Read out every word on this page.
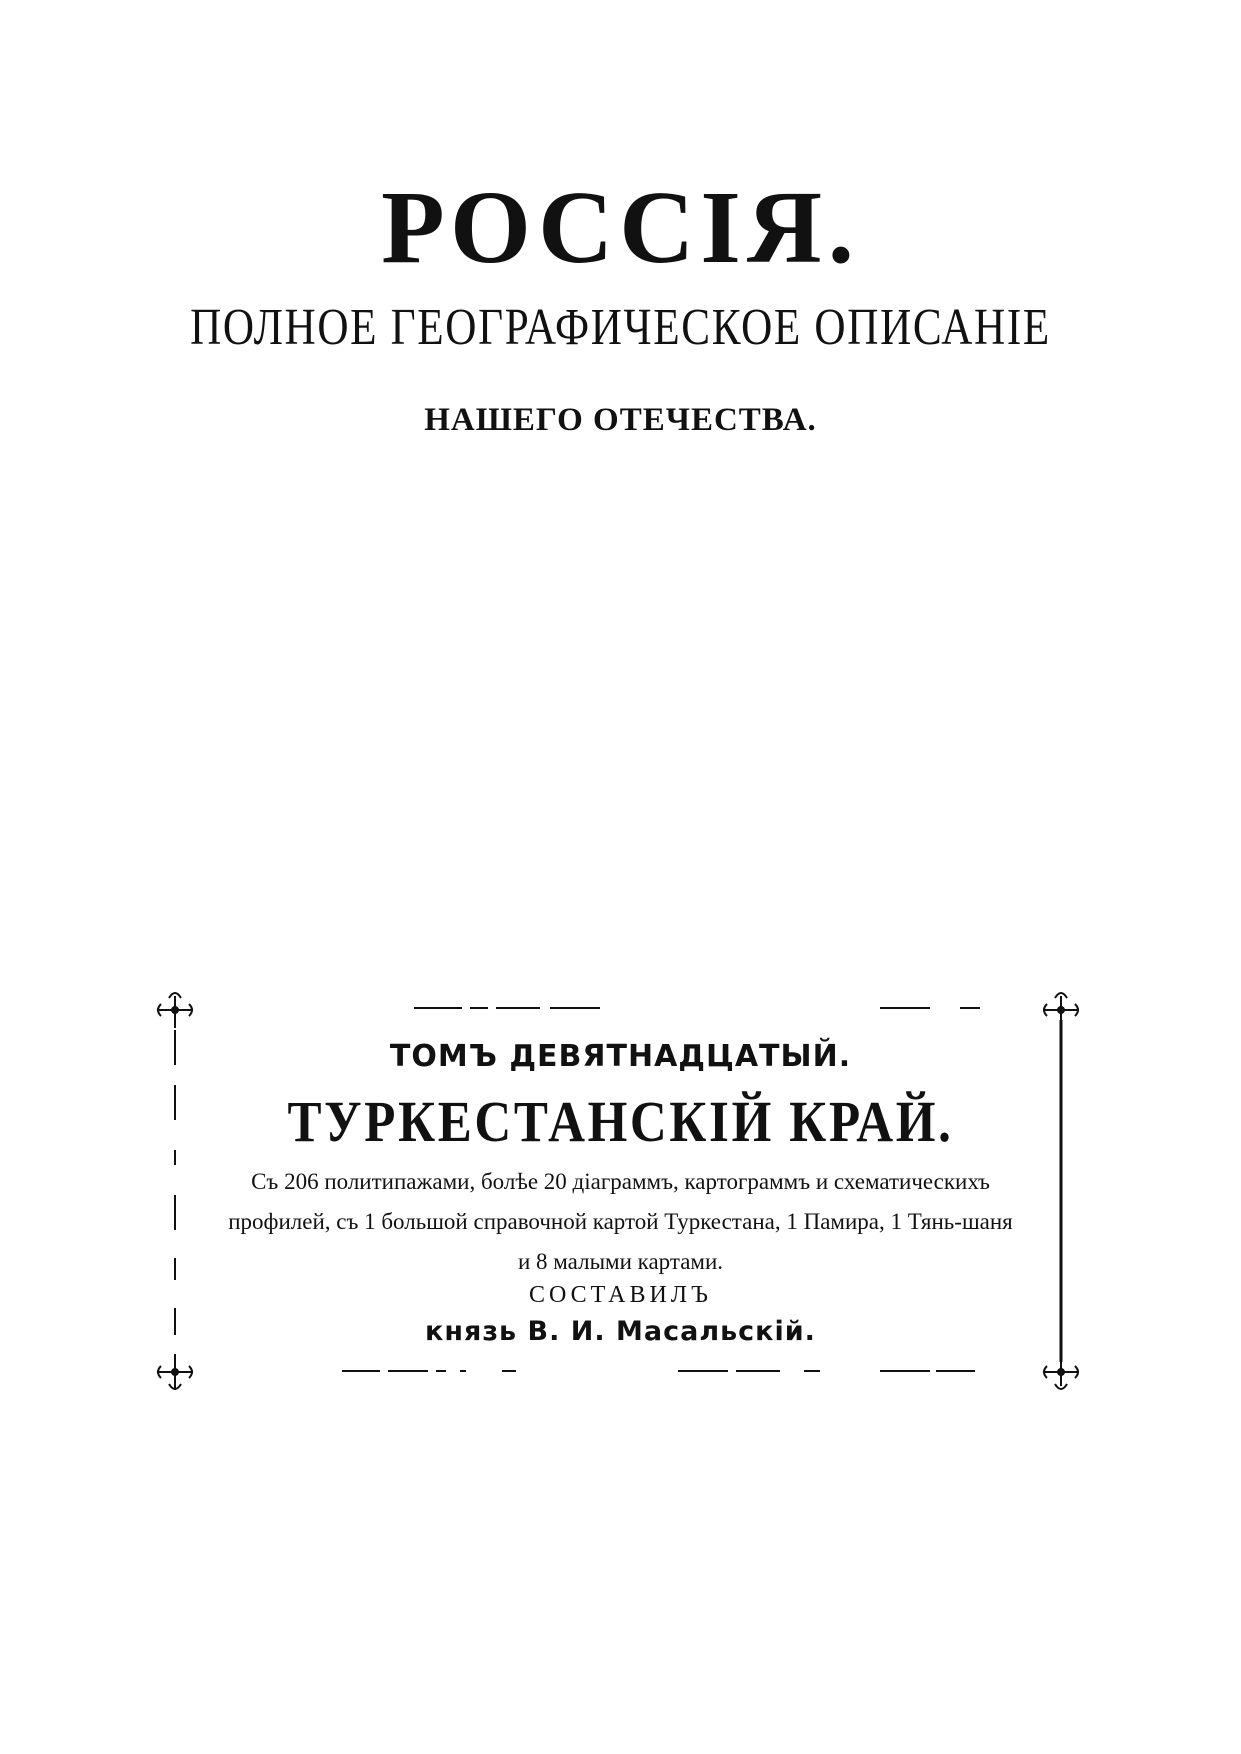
РОССІЯ.
ПОЛНОЕ ГЕОГРАФИЧЕСКОЕ ОПИСАНІЕ
НАШЕГО ОТЕЧЕСТВА.
ТОМЪ ДЕВЯТНАДЦАТЫЙ.
ТУРКЕСТАНСКІЙ КРАЙ.
Съ 206 политипажами, болѣе 20 діаграммъ, картограммъ и схематическихъ
профилей, съ 1 большой справочной картой Туркестана, 1 Памира, 1 Тянь-шаня
и 8 малыми картами.
СОСТАВИЛЪ
князь В. И. Масальскій.
